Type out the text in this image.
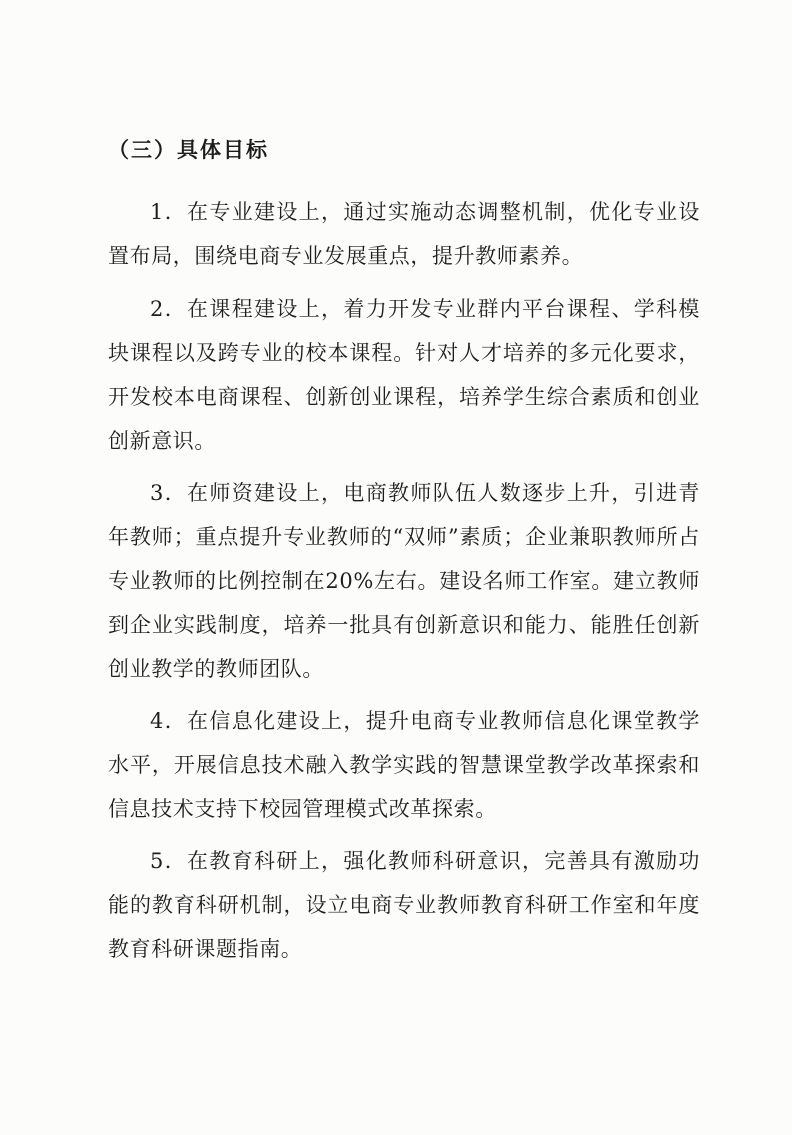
（三）具体目标

1．在专业建设上，通过实施动态调整机制，优化专业设置布局，围绕电商专业发展重点，提升教师素养。

2．在课程建设上，着力开发专业群内平台课程、学科模块课程以及跨专业的校本课程。针对人才培养的多元化要求，开发校本电商课程、创新创业课程，培养学生综合素质和创业创新意识。

3．在师资建设上，电商教师队伍人数逐步上升，引进青年教师；重点提升专业教师的“双师”素质；企业兼职教师所占专业教师的比例控制在20%左右。建设名师工作室。建立教师到企业实践制度，培养一批具有创新意识和能力、能胜任创新创业教学的教师团队。

4．在信息化建设上，提升电商专业教师信息化课堂教学水平，开展信息技术融入教学实践的智慧课堂教学改革探索和信息技术支持下校园管理模式改革探索。

5．在教育科研上，强化教师科研意识，完善具有激励功能的教育科研机制，设立电商专业教师教育科研工作室和年度教育科研课题指南。
